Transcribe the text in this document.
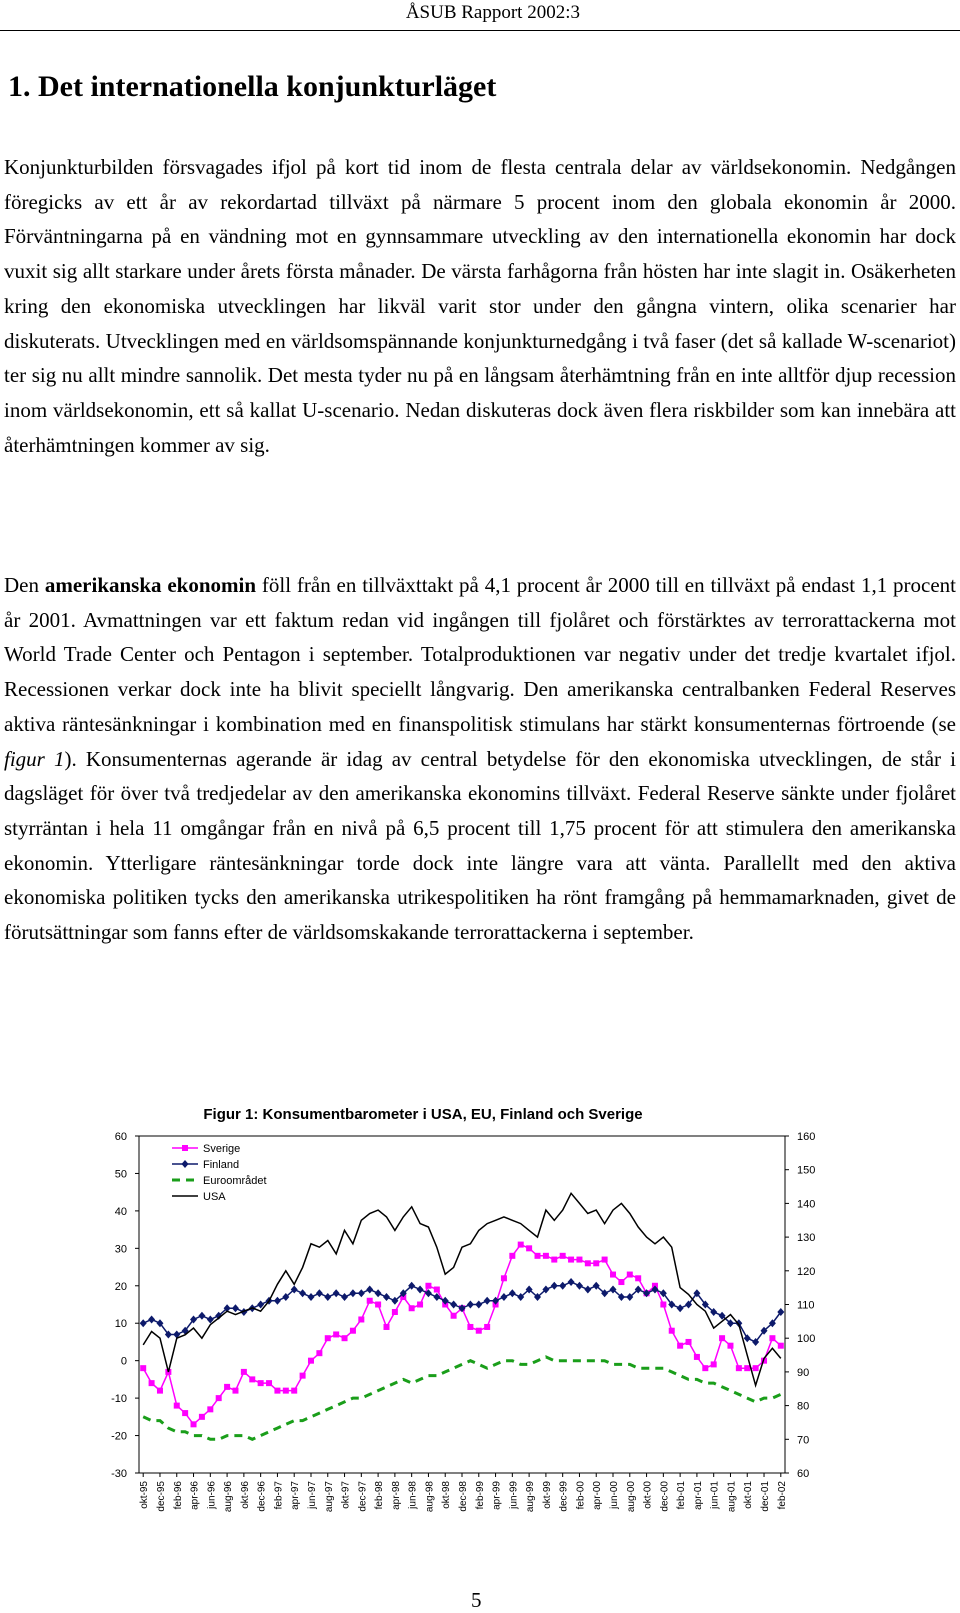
ÅSUB Rapport 2002:3
1. Det internationella konjunkturläget

Konjunkturbilden försvagades ifjol på kort tid inom de flesta centrala delar av världsekonomin. Nedgången föregicks av ett år av rekordartad tillväxt på närmare 5 procent inom den globala ekonomin år 2000. Förväntningarna på en vändning mot en gynnsammare utveckling av den internationella ekonomin har dock vuxit sig allt starkare under årets första månader. De värsta farhågorna från hösten har inte slagit in. Osäkerheten kring den ekonomiska utvecklingen har likväl varit stor under den gångna vintern, olika scenarier har diskuterats. Utvecklingen med en världsomspännande konjunkturnedgång i två faser (det så kallade W-scenariot) ter sig nu allt mindre sannolik. Det mesta tyder nu på en långsam återhämtning från en inte alltför djup recession inom världsekonomin, ett så kallat U-scenario. Nedan diskuteras dock även flera riskbilder som kan innebära att återhämtningen kommer av sig.

Den amerikanska ekonomin föll från en tillväxttakt på 4,1 procent år 2000 till en tillväxt på endast 1,1 procent år 2001. Avmattningen var ett faktum redan vid ingången till fjolåret och förstärktes av terrorattackerna mot World Trade Center och Pentagon i september. Totalproduktionen var negativ under det tredje kvartalet ifjol. Recessionen verkar dock inte ha blivit speciellt långvarig. Den amerikanska centralbanken Federal Reserves aktiva räntesänkningar i kombination med en finanspolitisk stimulans har stärkt konsumenternas förtroende (se figur 1). Konsumenternas agerande är idag av central betydelse för den ekonomiska utvecklingen, de står i dagsläget för över två tredjedelar av den amerikanska ekonomins tillväxt. Federal Reserve sänkte under fjolåret styrräntan i hela 11 omgångar från en nivå på 6,5 procent till 1,75 procent för att stimulera den amerikanska ekonomin. Ytterligare räntesänkningar torde dock inte längre vara att vänta. Parallellt med den aktiva ekonomiska politiken tycks den amerikanska utrikespolitiken ha rönt framgång på hemmamarknaden, givet de förutsättningar som fanns efter de världsomskakande terrorattackerna i september.

Figur 1: Konsumentbarometer i USA, EU, Finland och Sverige
-30
-20
-10
0
10
20
30
40
50
60
60
70
80
90
100
110
120
130
140
150
160
okt-95 dec-95 feb-96 apr-96 jun-96 aug-96 okt-96 dec-96 feb-97 apr-97 jun-97 aug-97 okt-97 dec-97 feb-98 apr-98 jun-98 aug-98 okt-98 dec-98 feb-99 apr-99 jun-99 aug-99 okt-99 dec-99 feb-00 apr-00 jun-00 aug-00 okt-00 dec-00 feb-01 apr-01 jun-01 aug-01 okt-01 dec-01 feb-02
Sverige
Finland
Euroområdet
USA
5
